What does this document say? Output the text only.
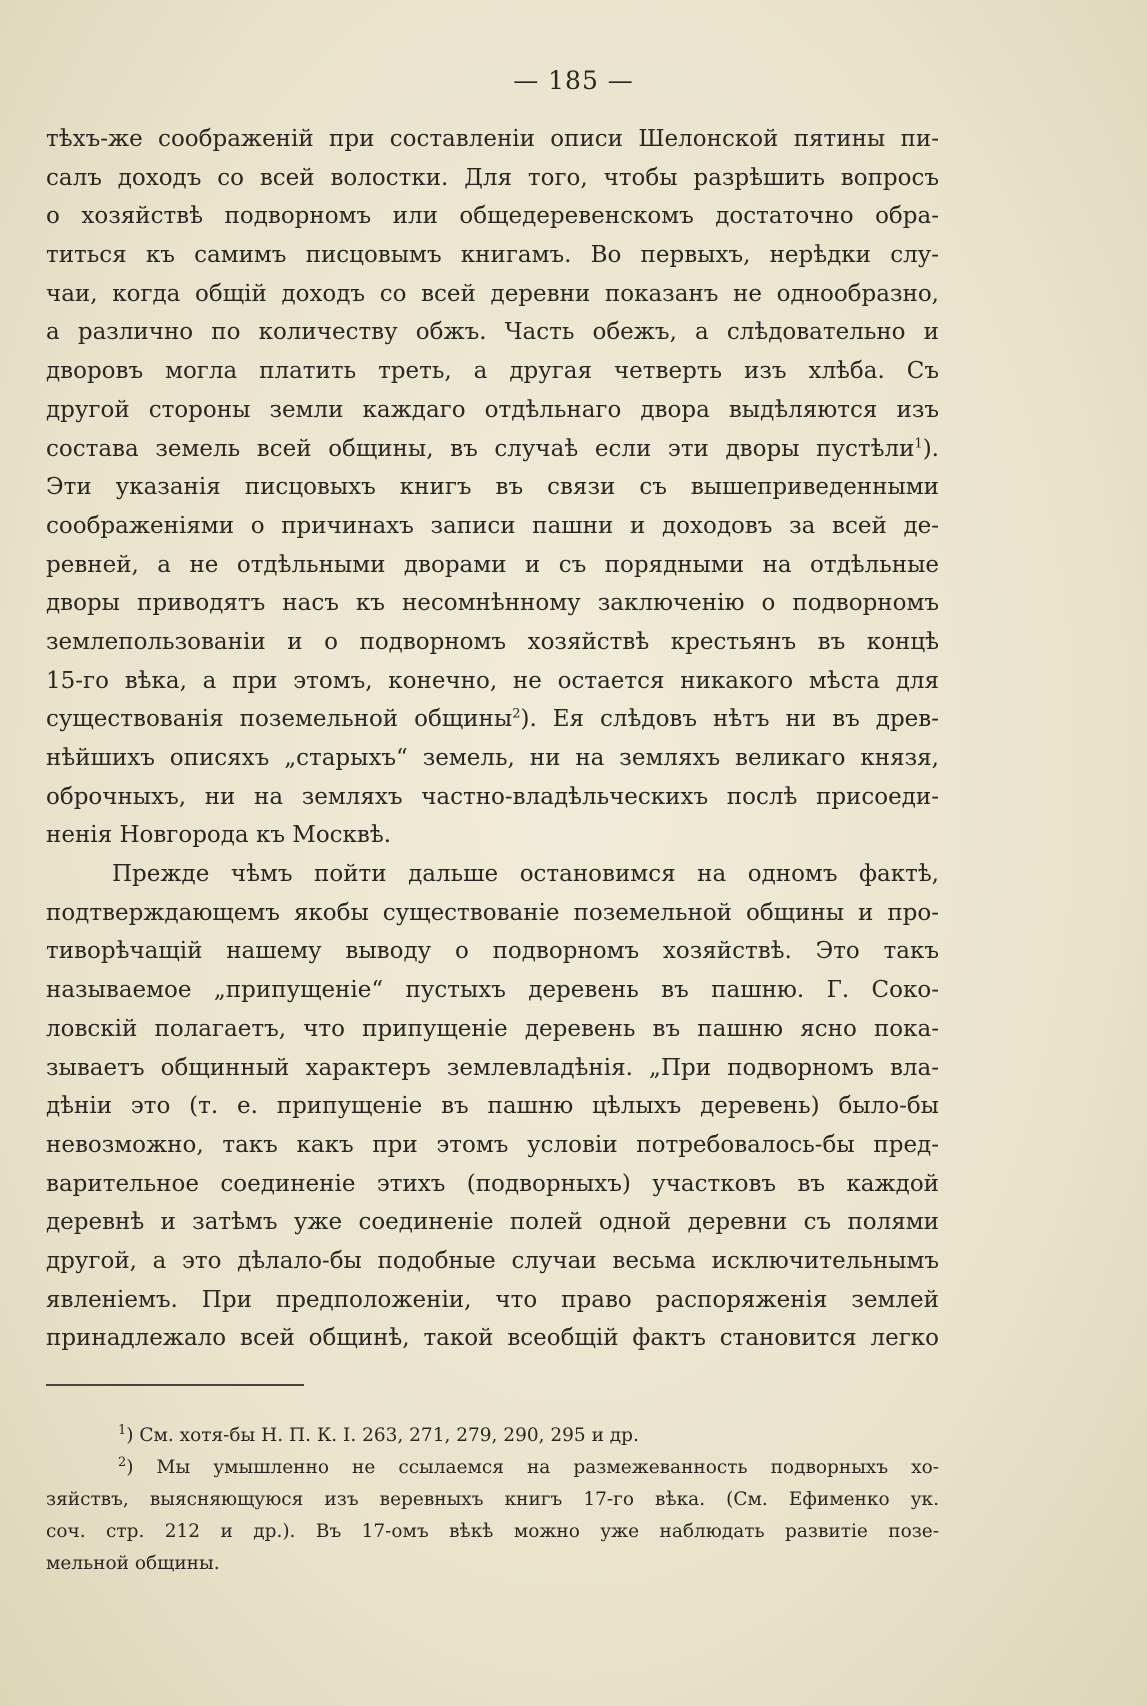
— 185 —
тѣхъ-же соображеній при составленіи описи Шелонской пятины пи-
салъ доходъ со всей волостки. Для того, чтобы разрѣшить вопросъ
о хозяйствѣ подворномъ или общедеревенскомъ достаточно обра-
титься къ самимъ писцовымъ книгамъ. Во первыхъ, нерѣдки слу-
чаи, когда общій доходъ со всей деревни показанъ не однообразно,
а различно по количеству обжъ. Часть обежъ, а слѣдовательно и
дворовъ могла платить треть, а другая четверть изъ хлѣба. Съ
другой стороны земли каждаго отдѣльнаго двора выдѣляются изъ
состава земель всей общины, въ случаѣ если эти дворы пустѣли$^1$).
Эти указанія писцовыхъ книгъ въ связи съ вышеприведенными
соображеніями о причинахъ записи пашни и доходовъ за всей де-
ревней, а не отдѣльными дворами и съ порядными на отдѣльные
дворы приводятъ насъ къ несомнѣнному заключенію о подворномъ
землепользованіи и о подворномъ хозяйствѣ крестьянъ въ концѣ
15-го вѣка, а при этомъ, конечно, не остается никакого мѣста для
существованія поземельной общины$^2$). Ея слѣдовъ нѣтъ ни въ древ-
нѣйшихъ описяхъ „старыхъ“ земель, ни на земляхъ великаго князя,
оброчныхъ, ни на земляхъ частно-владѣльческихъ послѣ присоеди-
ненія Новгорода къ Москвѣ.
Прежде чѣмъ пойти дальше остановимся на одномъ фактѣ,
подтверждающемъ якобы существованіе поземельной общины и про-
тиворѣчащій нашему выводу о подворномъ хозяйствѣ. Это такъ
называемое „припущеніе“ пустыхъ деревень въ пашню. Г. Соко-
ловскій полагаетъ, что припущеніе деревень въ пашню ясно пока-
зываетъ общинный характеръ землевладѣнія. „При подворномъ вла-
дѣніи это (т. е. припущеніе въ пашню цѣлыхъ деревень) было-бы
невозможно, такъ какъ при этомъ условіи потребовалось-бы пред-
варительное соединеніе этихъ (подворныхъ) участковъ въ каждой
деревнѣ и затѣмъ уже соединеніе полей одной деревни съ полями
другой, а это дѣлало-бы подобные случаи весьма исключительнымъ
явленіемъ. При предположеніи, что право распоряженія землей
принадлежало всей общинѣ, такой всеобщій фактъ становится легко
$^1$) См. хотя-бы Н. П. К. I. 263, 271, 279, 290, 295 и др.
$^2$) Мы умышленно не ссылаемся на размежеванность подворныхъ хо-
зяйствъ, выясняющуюся изъ веревныхъ книгъ 17-го вѣка. (См. Ефименко ук.
соч. стр. 212 и др.). Въ 17-омъ вѣкѣ можно уже наблюдать развитіе позе-
мельной общины.
